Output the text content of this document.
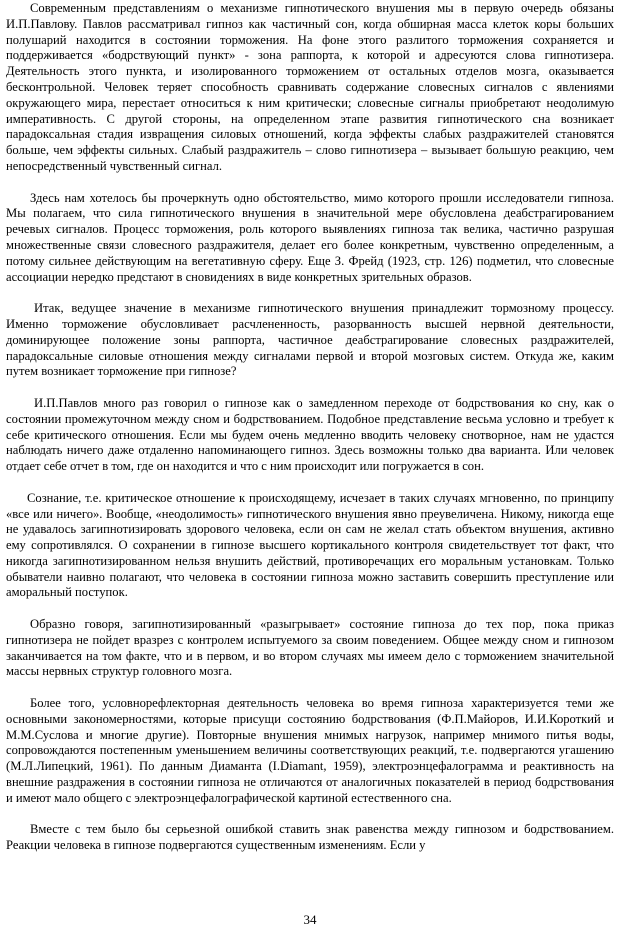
Современным представлениям о механизме гипнотического внушения мы в первую очередь обязаны И.П.Павлову. Павлов рассматривал гипноз как частичный сон, когда обширная масса клеток коры больших полушарий находится в состоянии торможения. На фоне этого разлитого торможения сохраняется и поддерживается «бодрствующий пункт» - зона раппорта, к которой и адресуются слова гипнотизера. Деятельность этого пункта, и изолированного торможением от остальных отделов мозга, оказывается бесконтрольной. Человек теряет способность сравнивать содержание словесных сигналов с явлениями окружающего мира, перестает относиться к ним критически; словесные сигналы приобретают неодолимую императивность. С другой стороны, на определенном этапе развития гипнотического сна возникает парадоксальная стадия извращения силовых отношений, когда эффекты слабых раздражителей становятся больше, чем эффекты сильных. Слабый раздражитель – слово гипнотизера – вызывает большую реакцию, чем непосредственный чувственный сигнал.

Здесь нам хотелось бы прочеркнуть одно обстоятельство, мимо которого прошли исследователи гипноза. Мы полагаем, что сила гипнотического внушения в значительной мере обусловлена деабстрагированием речевых сигналов. Процесс торможения, роль которого выявлениях гипноза так велика, частично разрушая множественные связи словесного раздражителя, делает его более конкретным, чувственно определенным, а потому сильнее действующим на вегетативную сферу. Еще З. Фрейд (1923, стр. 126) подметил, что словесные ассоциации нередко предстают в сновидениях в виде конкретных зрительных образов.

Итак, ведущее значение в механизме гипнотического внушения принадлежит тормозному процессу. Именно торможение обусловливает расчлененность, разорванность высшей нервной деятельности, доминирующее положение зоны раппорта, частичное деабстрагирование словесных раздражителей, парадоксальные силовые отношения между сигналами первой и второй мозговых систем. Откуда же, каким путем возникает торможение при гипнозе?

И.П.Павлов много раз говорил о гипнозе как о замедленном переходе от бодрствования ко сну, как о состоянии промежуточном между сном и бодрствованием. Подобное представление весьма условно и требует к себе критического отношения. Если мы будем очень медленно вводить человеку снотворное, нам не удастся наблюдать ничего даже отдаленно напоминающего гипноз. Здесь возможны только два варианта. Или человек отдает себе отчет в том, где он находится и что с ним происходит или погружается в сон.

Сознание, т.е. критическое отношение к происходящему, исчезает в таких случаях мгновенно, по принципу «все или ничего». Вообще, «неодолимость» гипнотического внушения явно преувеличена. Никому, никогда еще не удавалось загипнотизировать здорового человека, если он сам не желал стать объектом внушения, активно ему сопротивлялся. О сохранении в гипнозе высшего кортикального контроля свидетельствует тот факт, что никогда загипнотизированном нельзя внушить действий, противоречащих его моральным установкам. Только обыватели наивно полагают, что человека в состоянии гипноза можно заставить совершить преступление или аморальный поступок.

Образно говоря, загипнотизированный «разыгрывает» состояние гипноза до тех пор, пока приказ гипнотизера не пойдет вразрез с контролем испытуемого за своим поведением. Общее между сном и гипнозом заканчивается на том факте, что и в первом, и во втором случаях мы имеем дело с торможением значительной массы нервных структур головного мозга.

Более того, условнорефлекторная деятельность человека во время гипноза характеризуется теми же основными закономерностями, которые присущи состоянию бодрствования (Ф.П.Майоров, И.И.Короткий и М.М.Суслова и многие другие). Повторные внушения мнимых нагрузок, например мнимого питья воды, сопровождаются постепенным уменьшением величины соответствующих реакций, т.е. подвергаются угашению (М.Л.Липецкий, 1961). По данным Диаманта (I.Diamant, 1959), электроэнцефалограмма и реактивность на внешние раздражения в состоянии гипноза не отличаются от аналогичных показателей в период бодрствования и имеют мало общего с электроэнцефалографической картиной естественного сна.

Вместе с тем было бы серьезной ошибкой ставить знак равенства между гипнозом и бодрствованием. Реакции человека в гипнозе подвергаются существенным изменениям. Если у

34
